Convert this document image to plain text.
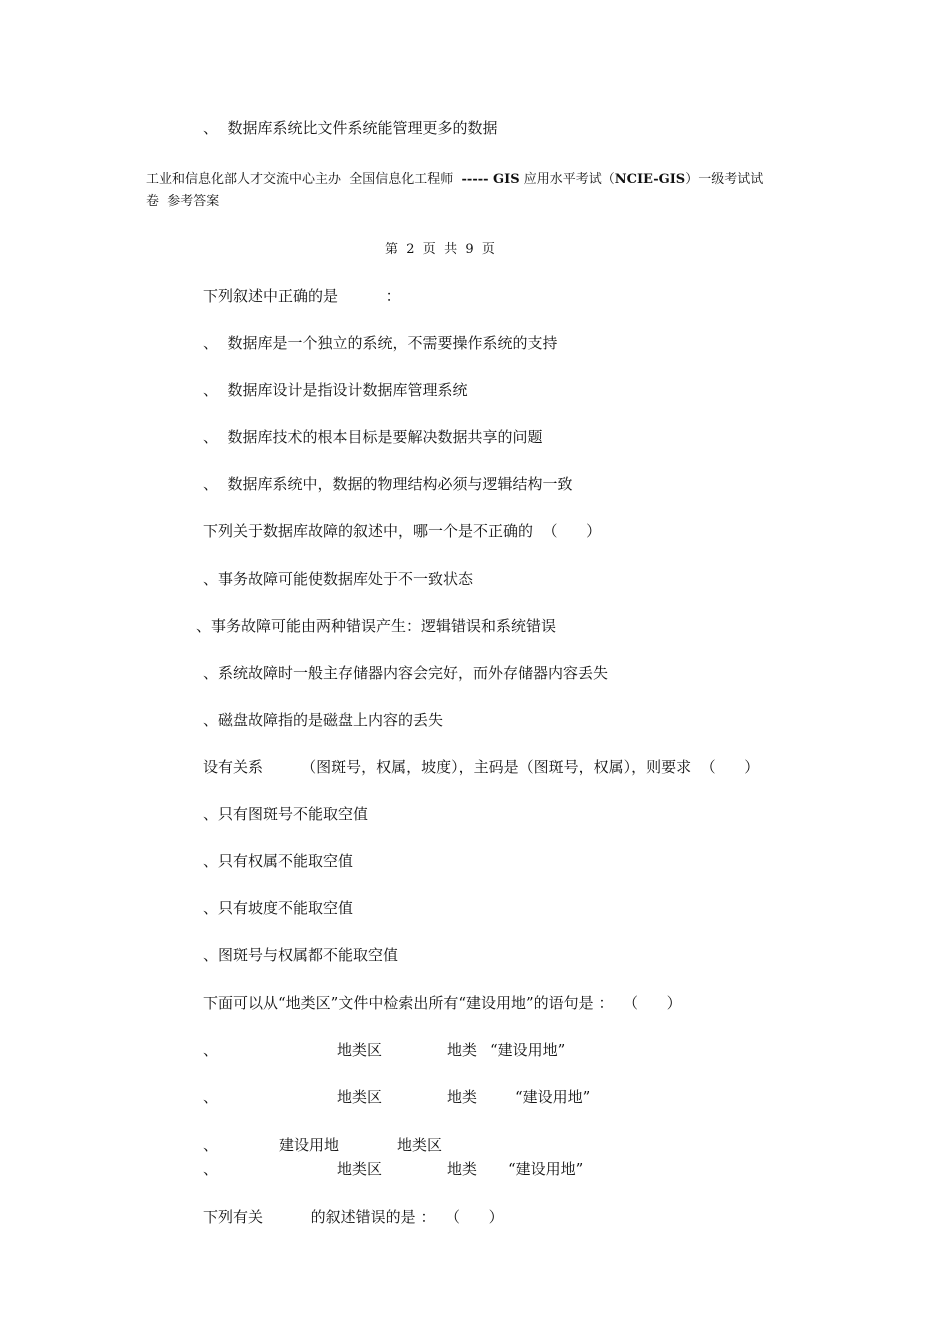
、  数据库系统比文件系统能管理更多的数据
工业和信息化部人才交流中心主办  全国信息化工程师  ----- GIS 应用水平考试（NCIE-GIS）一级考试试
卷  参考答案
第  2  页  共  9  页
下列叙述中正确的是          ：
、  数据库是一个独立的系统，不需要操作系统的支持
、  数据库设计是指设计数据库管理系统
、  数据库技术的根本目标是要解决数据共享的问题
、  数据库系统中，数据的物理结构必须与逻辑结构一致
下列关于数据库故障的叙述中，哪一个是不正确的  （      ）
、事务故障可能使数据库处于不一致状态
、事务故障可能由两种错误产生：逻辑错误和系统错误
、系统故障时一般主存储器内容会完好，而外存储器内容丢失
、磁盘故障指的是磁盘上内容的丢失
设有关系        （图斑号，权属，坡度），主码是（图斑号，权属），则要求  （      ）
、只有图斑号不能取空值
、只有权属不能取空值
、只有坡度不能取空值
、图斑号与权属都不能取空值
下面可以从“地类区”文件中检索出所有“建设用地”的语句是 ：  （      ）
、	地类区	地类 “建设用地”
、	地类区	地类	“建设用地”
、	建设用地	地类区
、	地类区	地类 “建设用地”
下列有关          的叙述错误的是 ：  （      ）
